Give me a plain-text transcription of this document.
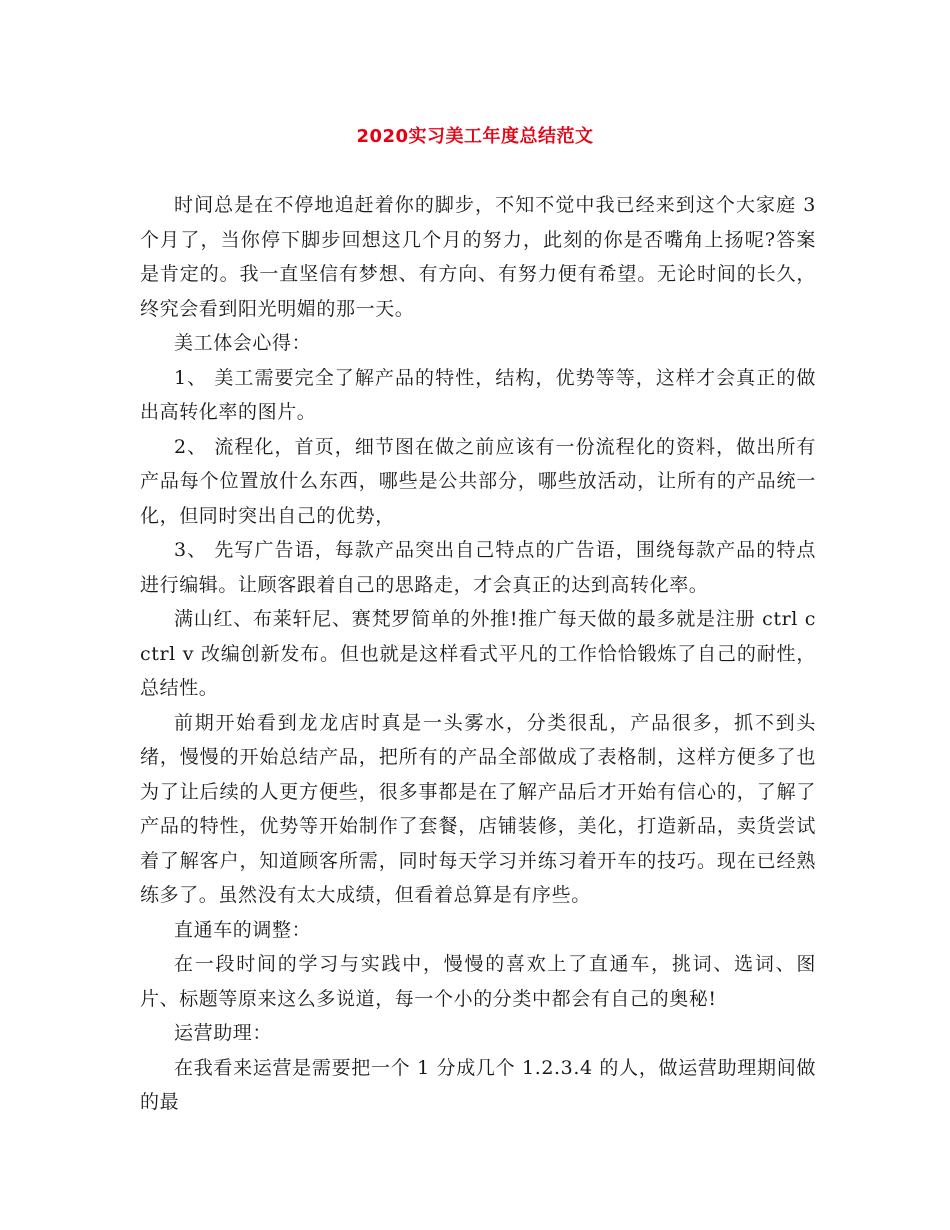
2020实习美工年度总结范文

时间总是在不停地追赶着你的脚步，不知不觉中我已经来到这个大家庭 3 个月了，当你停下脚步回想这几个月的努力，此刻的你是否嘴角上扬呢?答案是肯定的。我一直坚信有梦想、有方向、有努力便有希望。无论时间的长久，终究会看到阳光明媚的那一天。

美工体会心得：

1、 美工需要完全了解产品的特性，结构，优势等等，这样才会真正的做出高转化率的图片。

2、 流程化，首页，细节图在做之前应该有一份流程化的资料，做出所有产品每个位置放什么东西，哪些是公共部分，哪些放活动，让所有的产品统一化，但同时突出自己的优势，

3、 先写广告语，每款产品突出自己特点的广告语，围绕每款产品的特点进行编辑。让顾客跟着自己的思路走，才会真正的达到高转化率。

满山红、布莱轩尼、赛梵罗简单的外推!推广每天做的最多就是注册 ctrl c ctrl v 改编创新发布。但也就是这样看式平凡的工作恰恰锻炼了自己的耐性，总结性。

前期开始看到龙龙店时真是一头雾水，分类很乱，产品很多，抓不到头绪，慢慢的开始总结产品，把所有的产品全部做成了表格制，这样方便多了也为了让后续的人更方便些，很多事都是在了解产品后才开始有信心的，了解了产品的特性，优势等开始制作了套餐，店铺装修，美化，打造新品，卖货尝试着了解客户，知道顾客所需，同时每天学习并练习着开车的技巧。现在已经熟练多了。虽然没有太大成绩，但看着总算是有序些。

直通车的调整：

在一段时间的学习与实践中，慢慢的喜欢上了直通车，挑词、选词、图片、标题等原来这么多说道，每一个小的分类中都会有自己的奥秘!

运营助理：

在我看来运营是需要把一个 1 分成几个 1.2.3.4 的人，做运营助理期间做的最
